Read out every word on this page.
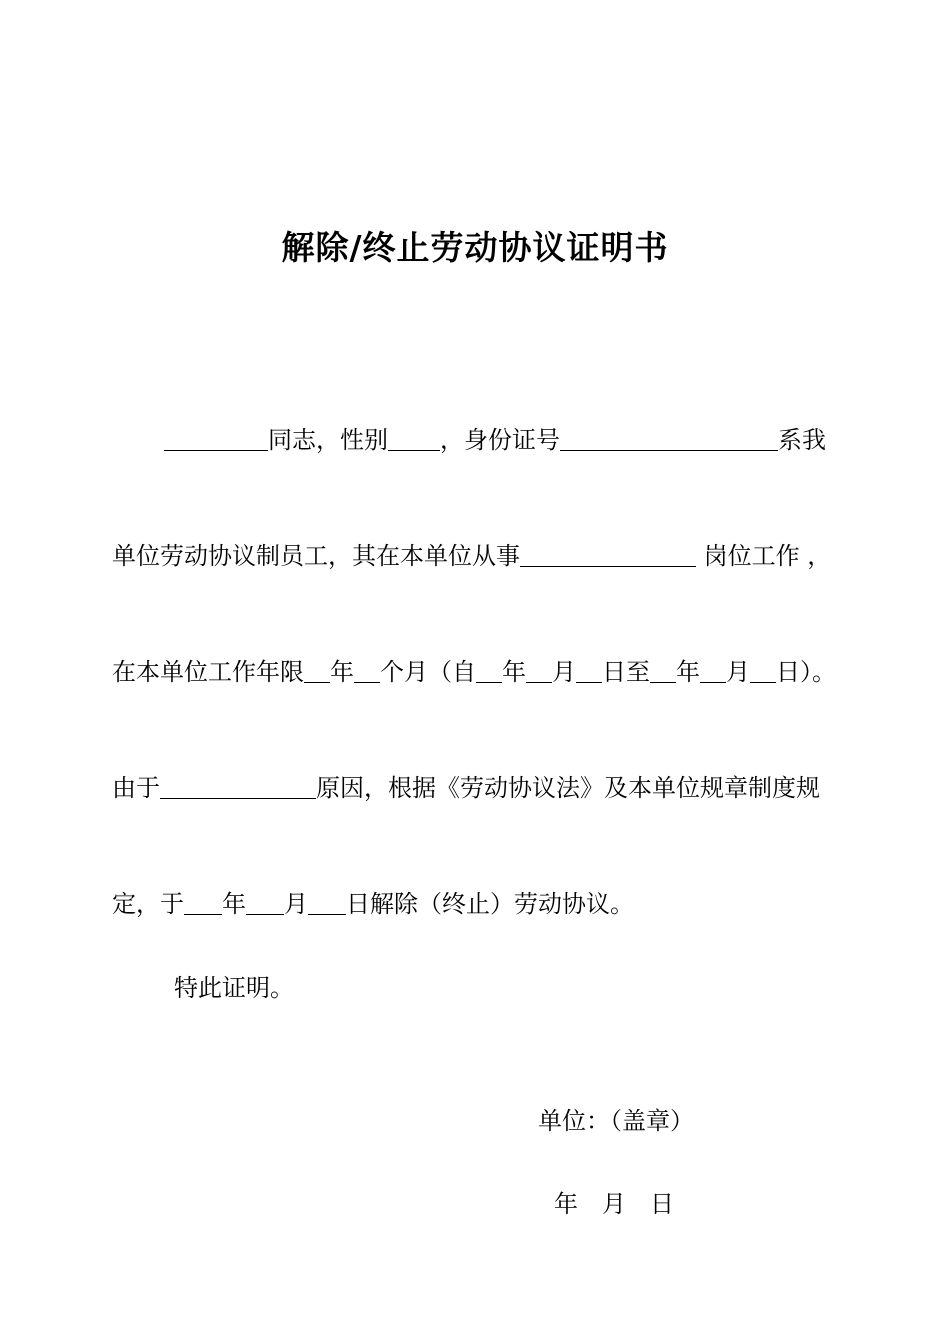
解除/终止劳动协议证明书
同志，性别 ，身份证号	系我
单位劳动协议制员工，其在本单位从事	岗位工作 ，
在本单位工作年限 年 个月（自 年 月 日至 年 月 日）。
由于	原因，根据《劳动协议法》及本单位规章制度规
定，于 年 月 日解除（终止）劳动协议。
特此证明。
单位：（盖章）
年 月 日
